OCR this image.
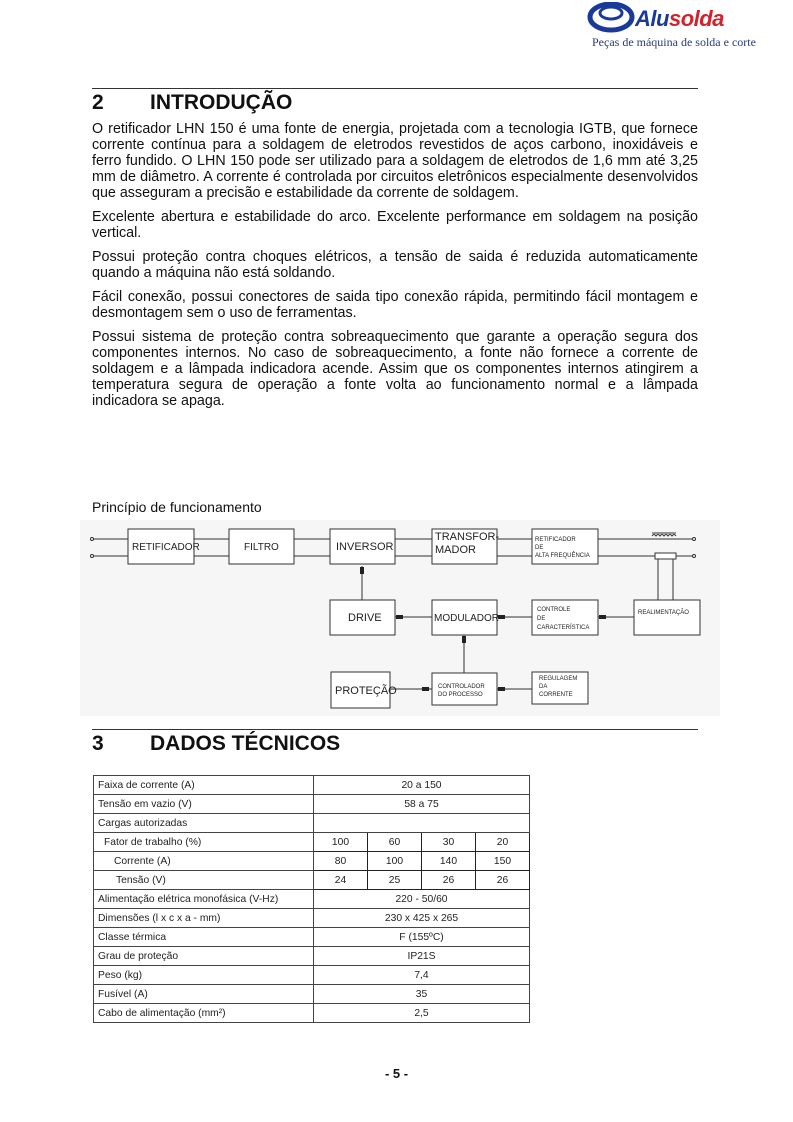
Alusolda
Peças de máquina de solda e corte
2 INTRODUÇÃO

O retificador LHN 150 é uma fonte de energia, projetada com a tecnologia IGTB, que fornece corrente contínua para a soldagem de eletrodos revestidos de aços carbono, inoxidáveis e ferro fundido. O LHN 150 pode ser utilizado para a soldagem de eletrodos de 1,6 mm até 3,25 mm de diâmetro. A corrente é controlada por circuitos eletrônicos especialmente desenvolvidos que asseguram a precisão e estabilidade da corrente de soldagem.

Excelente abertura e estabilidade do arco. Excelente performance em soldagem na posição vertical.

Possui proteção contra choques elétricos, a tensão de saida é reduzida automaticamente quando a máquina não está soldando.

Fácil conexão, possui conectores de saida tipo conexão rápida, permitindo fácil montagem e desmontagem sem o uso de ferramentas.

Possui sistema de proteção contra sobreaquecimento que garante a operação segura dos componentes internos. No caso de sobreaquecimento, a fonte não fornece a corrente de soldagem e a lâmpada indicadora acende. Assim que os componentes internos atingirem a temperatura segura de operação a fonte volta ao funcionamento normal e a lâmpada indicadora se apaga.

Princípio de funcionamento
RETIFICADOR	FILTRO	INVERSOR
TRANSFOR-
MADOR
RETIFICADOR
DE
ALTA FREQUÊNCIA
DRIVE	MODULADOR
CONTROLE
DE
CARACTERÍSTICA
REALIMENTAÇÃO
PROTEÇÃO	CONTROLADOR
DO PROCESSO
REGULAGEM
DA
CORRENTE
3 DADOS TÉCNICOS
Faixa de corrente (A)	20 a 150			
Tensão em vazio (V)	58 a 75			
Cargas autorizadas				
Fator de trabalho (%)	100	60	30	20
Corrente (A)	80	100	140	150
Tensão (V)	24	25	26	26
Alimentação elétrica monofásica (V-Hz)	220 - 50/60			
Dimensões (l x c x a - mm)	230 x 425 x 265			
Classe térmica	F (155ºC)			
Grau de proteção	IP21S			
Peso (kg)	7,4			
Fusível (A)	35			
Cabo de alimentação (mm²)	2,5			
- 5 -
